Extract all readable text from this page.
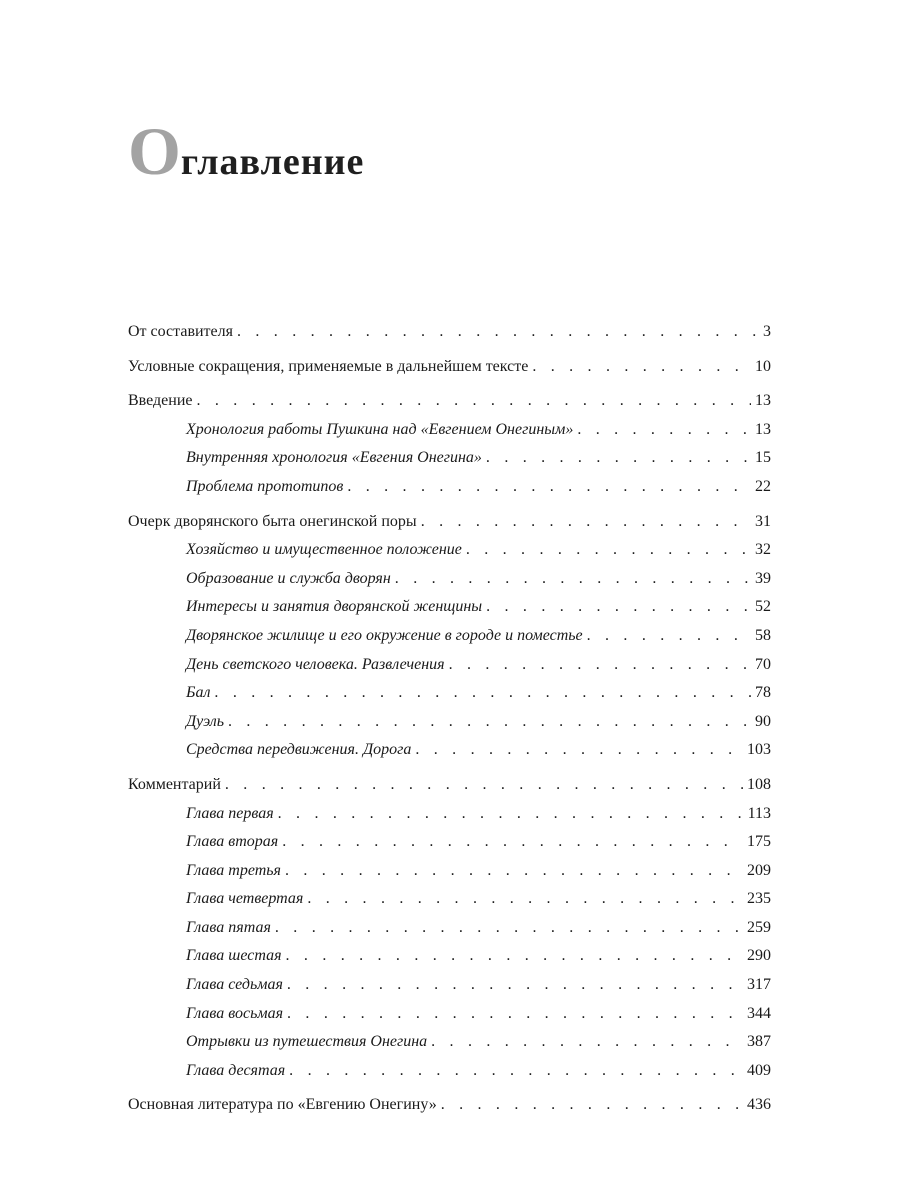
Оглавление
От составителя . . .	3
Условные сокращения, применяемые в дальнейшем тексте . . .	10
Введение . . .	13
Хронология работы Пушкина над «Евгением Онегиным» . . .	13
Внутренняя хронология «Евгения Онегина» . . .	15
Проблема прототипов . . .	22
Очерк дворянского быта онегинской поры . . .	31
Хозяйство и имущественное положение . . .	32
Образование и служба дворян . . .	39
Интересы и занятия дворянской женщины . . .	52
Дворянское жилище и его окружение в городе и поместье . . .	58
День светского человека. Развлечения . . .	70
Бал . . .	78
Дуэль . . .	90
Средства передвижения. Дорога . . .	103
Комментарий . . .	108
Глава первая . . .	113
Глава вторая . . .	175
Глава третья . . .	209
Глава четвертая . . .	235
Глава пятая . . .	259
Глава шестая . . .	290
Глава седьмая . . .	317
Глава восьмая . . .	344
Отрывки из путешествия Онегина . . .	387
Глава десятая . . .	409
Основная литература по «Евгению Онегину» . . .	436
